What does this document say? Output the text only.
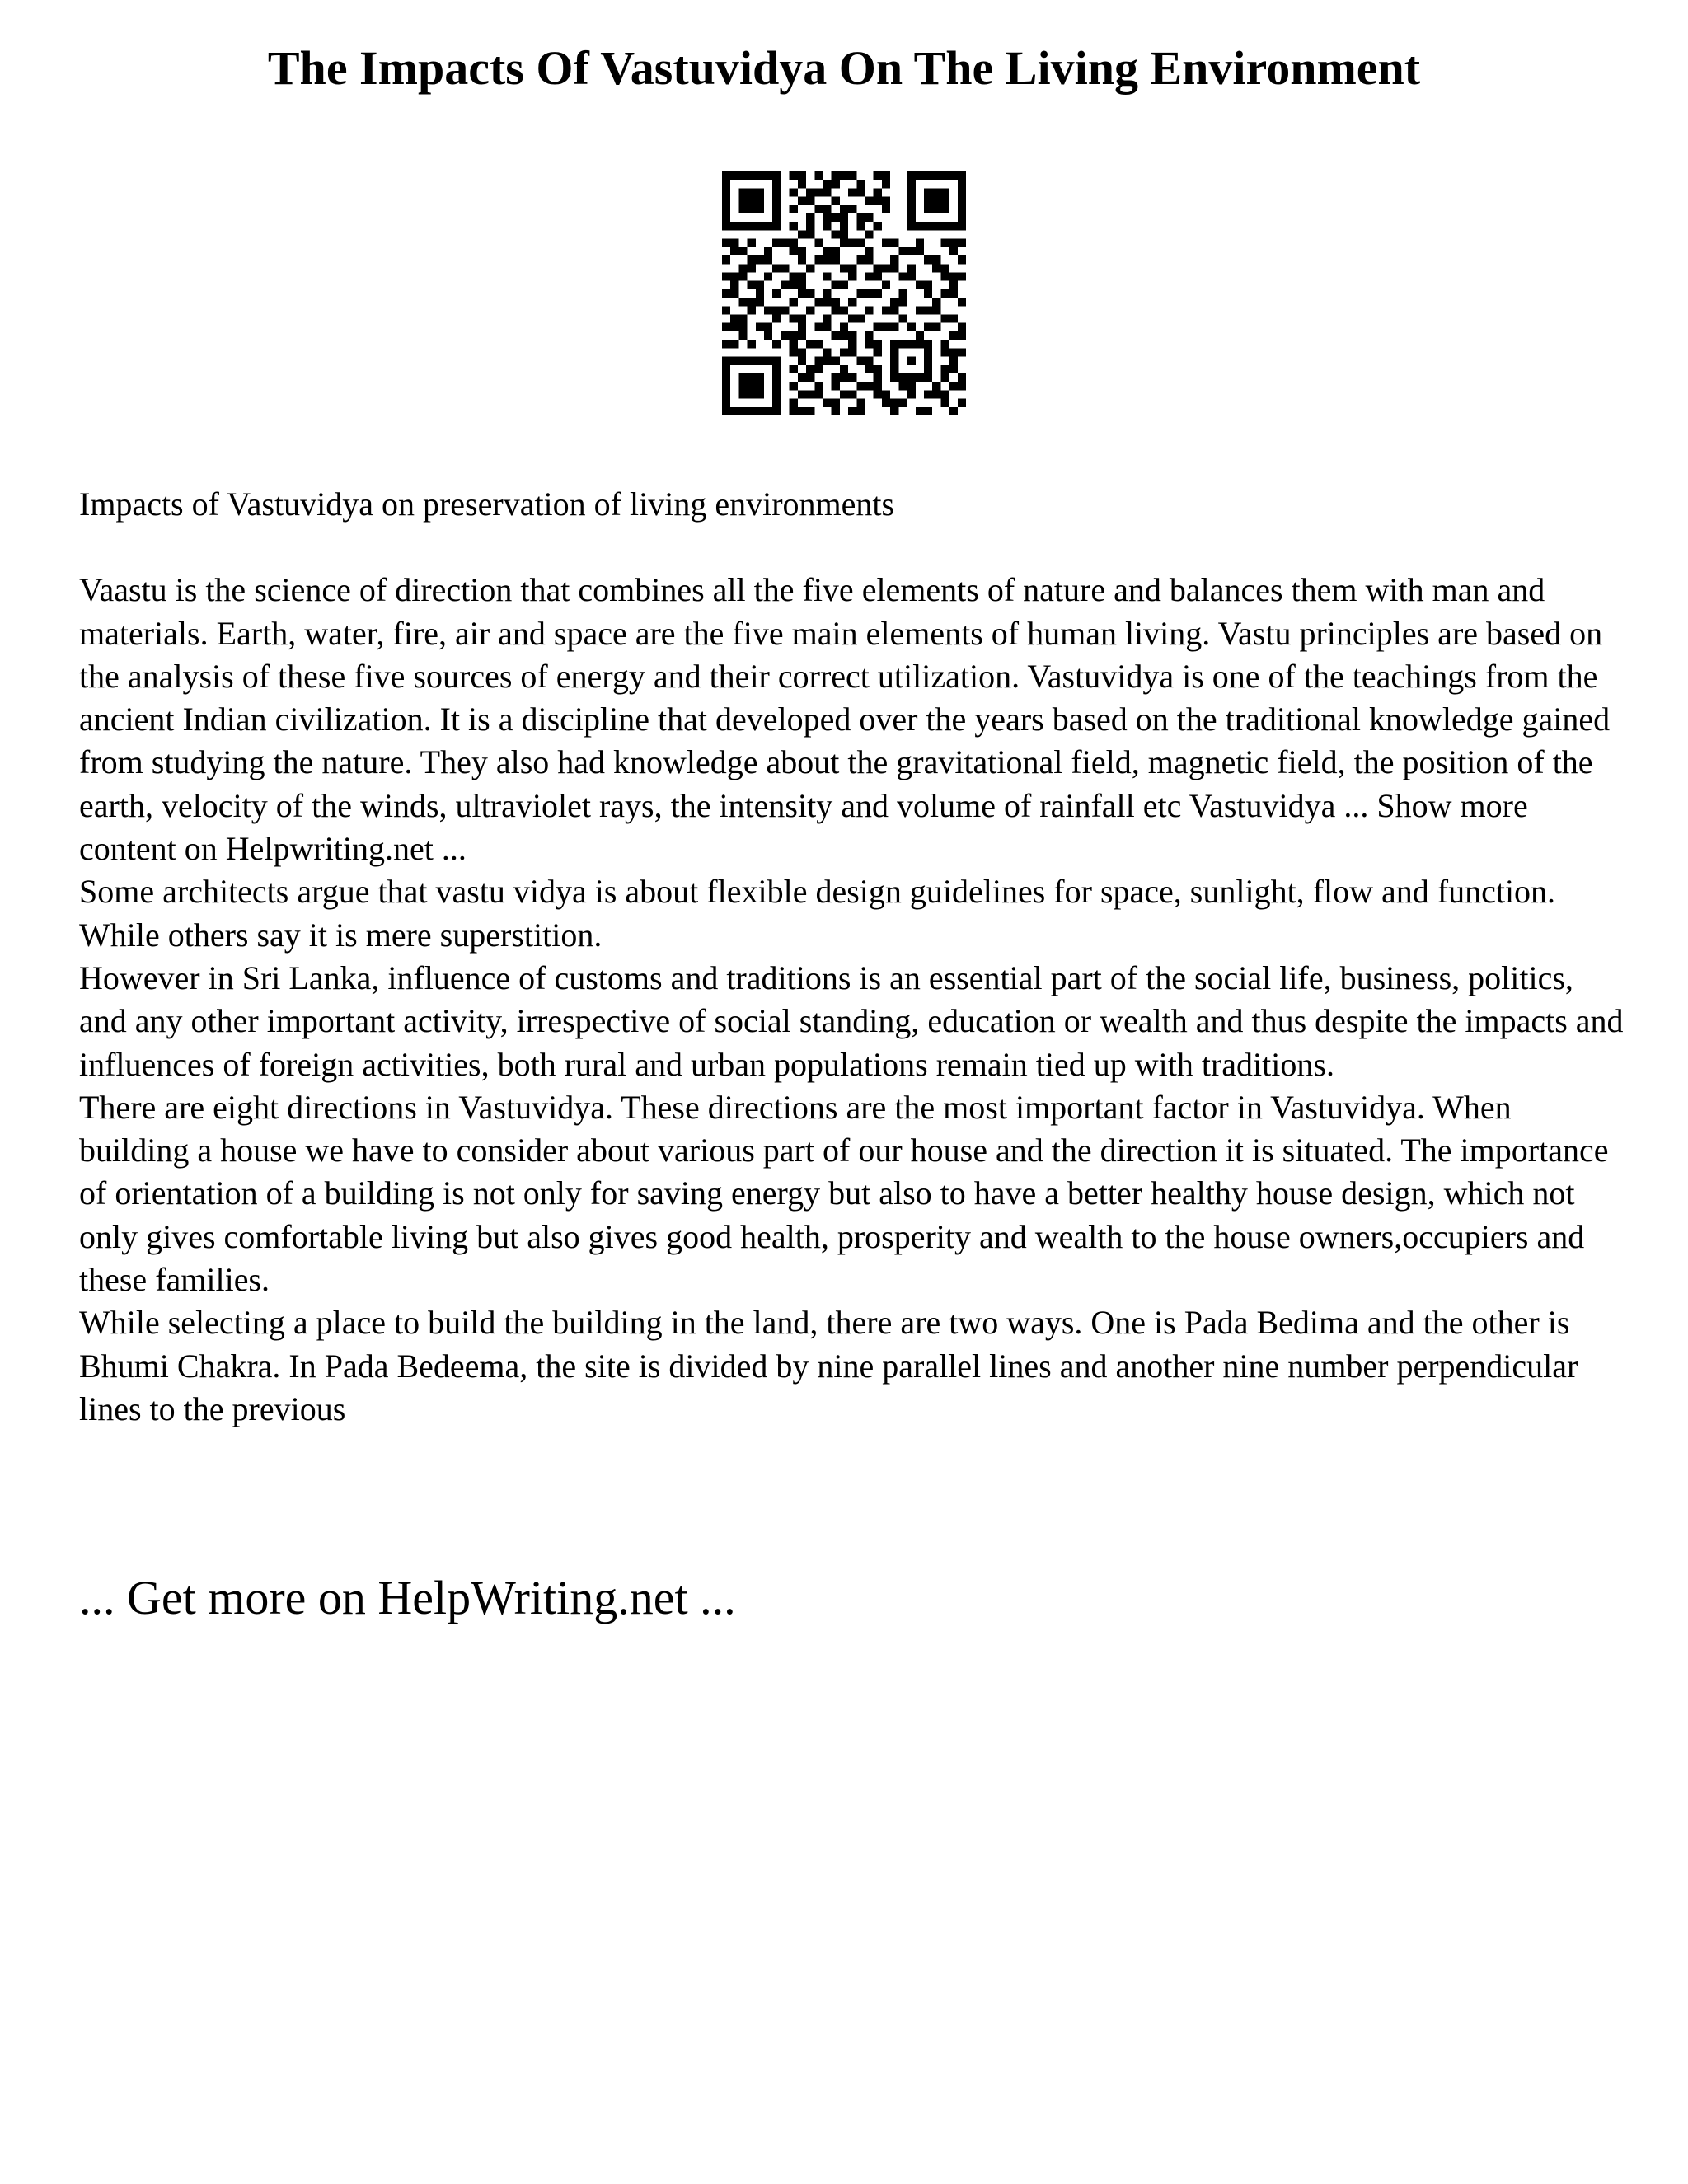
The Impacts Of Vastuvidya On The Living Environment

Impacts of Vastuvidya on preservation of living environments

Vaastu is the science of direction that combines all the five elements of nature and balances them with man and materials. Earth, water, fire, air and space are the five main elements of human living. Vastu principles are based on the analysis of these five sources of energy and their correct utilization. Vastuvidya is one of the teachings from the ancient Indian civilization. It is a discipline that developed over the years based on the traditional knowledge gained from studying the nature. They also had knowledge about the gravitational field, magnetic field, the position of the earth, velocity of the winds, ultraviolet rays, the intensity and volume of rainfall etc Vastuvidya ... Show more content on Helpwriting.net ...

Some architects argue that vastu vidya is about flexible design guidelines for space, sunlight, flow and function. While others say it is mere superstition.

However in Sri Lanka, influence of customs and traditions is an essential part of the social life, business, politics, and any other important activity, irrespective of social standing, education or wealth and thus despite the impacts and influences of foreign activities, both rural and urban populations remain tied up with traditions.

There are eight directions in Vastuvidya. These directions are the most important factor in Vastuvidya. When building a house we have to consider about various part of our house and the direction it is situated. The importance of orientation of a building is not only for saving energy but also to have a better healthy house design, which not only gives comfortable living but also gives good health, prosperity and wealth to the house owners,occupiers and these families.

While selecting a place to build the building in the land, there are two ways. One is Pada Bedima and the other is Bhumi Chakra. In Pada Bedeema, the site is divided by nine parallel lines and another nine number perpendicular lines to the previous

... Get more on HelpWriting.net ...
